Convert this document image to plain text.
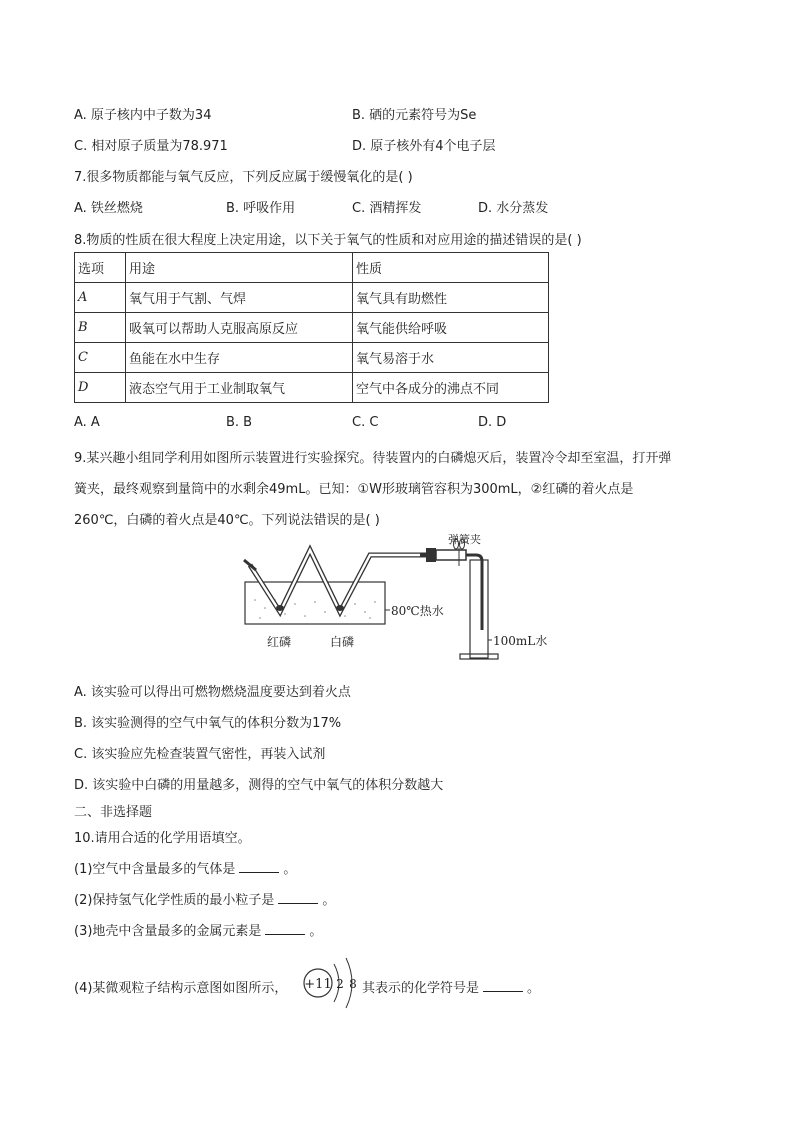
A. 原子核内中子数为34	B. 硒的元素符号为Se
C. 相对原子质量为78.971	D. 原子核外有4个电子层
7.很多物质都能与氧气反应，下列反应属于缓慢氧化的是( )
A. 铁丝燃烧	B. 呼吸作用	C. 酒精挥发	D. 水分蒸发
8.物质的性质在很大程度上决定用途，以下关于氧气的性质和对应用途的描述错误的是( )
选项	用途	性质
A	氧气用于气割、气焊	氧气具有助燃性
B	吸氧可以帮助人克服高原反应	氧气能供给呼吸
C	鱼能在水中生存	氧气易溶于水
D	液态空气用于工业制取氧气	空气中各成分的沸点不同
A. A	B. B	C. C	D. D
9.某兴趣小组同学利用如图所示装置进行实验探究。待装置内的白磷熄灭后，装置冷令却至室温，打开弹
簧夹，最终观察到量筒中的水剩余49mL。已知：①W形玻璃管容积为300mL，②红磷的着火点是
260℃，白磷的着火点是40℃。下列说法错误的是( )
弹簧夹
80℃热水
红磷	白磷	100mL水
A. 该实验可以得出可燃物燃烧温度要达到着火点
B. 该实验测得的空气中氧气的体积分数为17%
C. 该实验应先检查装置气密性，再装入试剂
D. 该实验中白磷的用量越多，测得的空气中氧气的体积分数越大
二、非选择题
10.请用合适的化学用语填空。
(1)空气中含量最多的气体是	。
(2)保持氢气化学性质的最小粒子是	。
(3)地壳中含量最多的金属元素是	。
(4)某微观粒子结构示意图如图所示， +11 2 8 其表示的化学符号是	。
